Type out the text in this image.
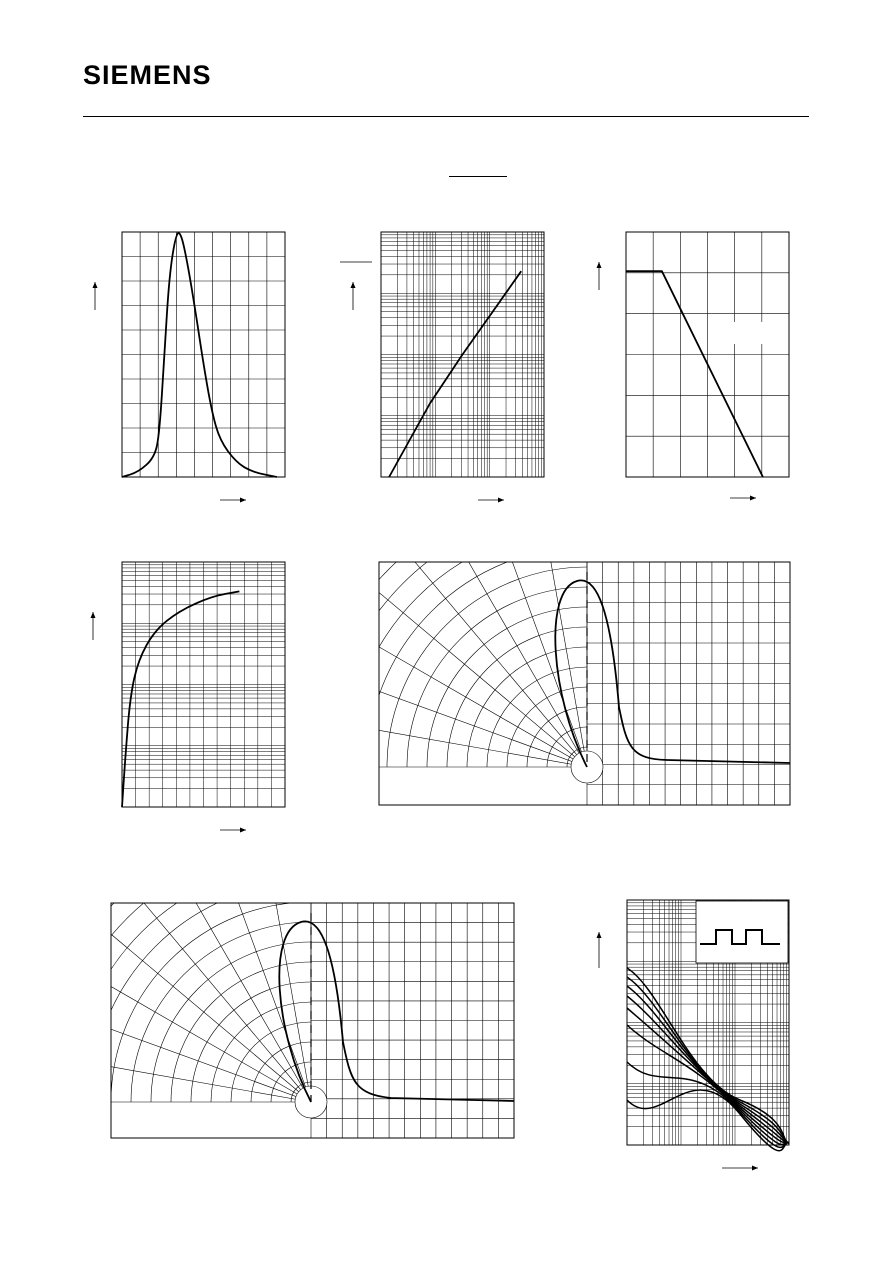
SIEMENS
